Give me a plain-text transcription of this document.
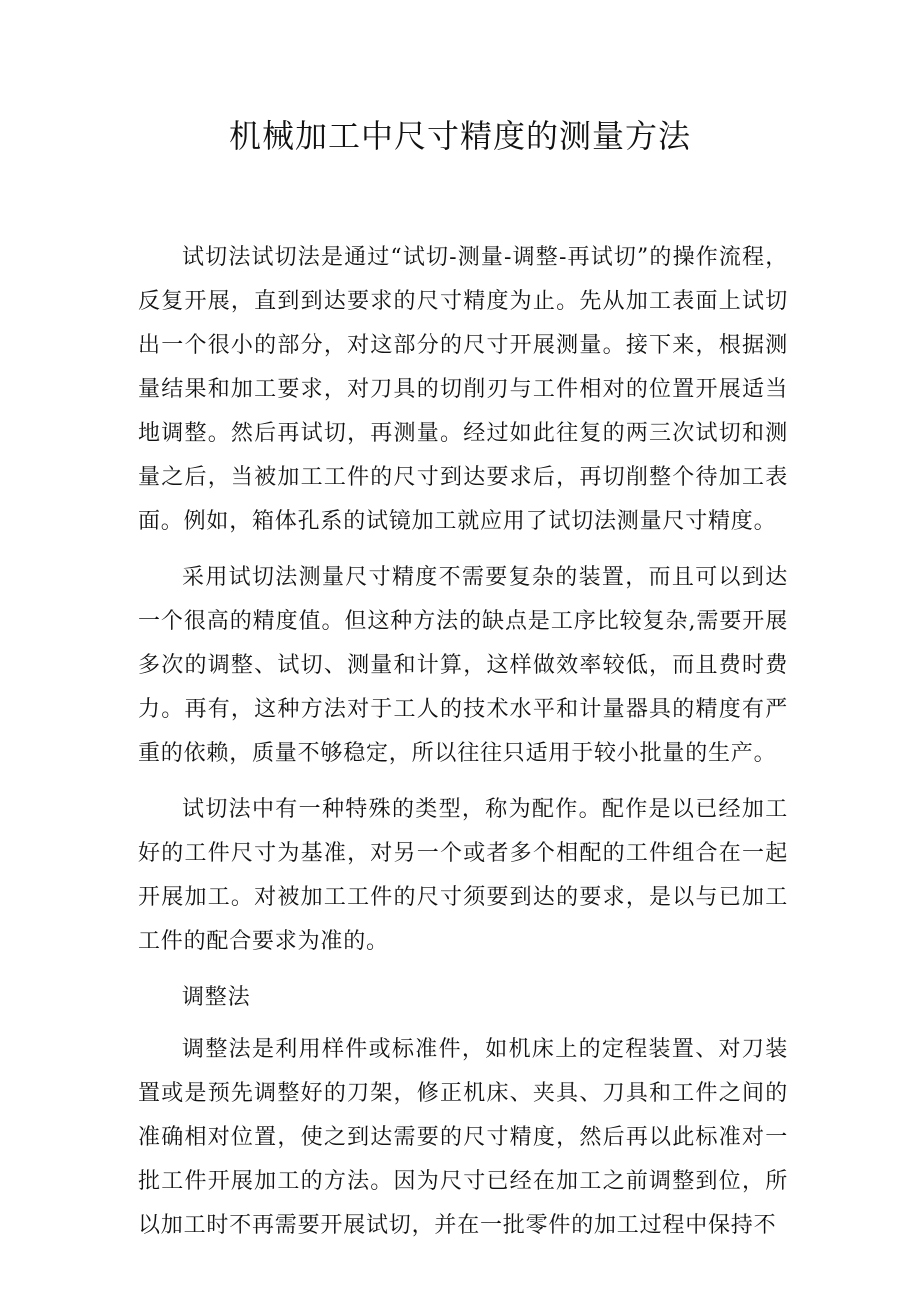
机械加工中尺寸精度的测量方法

试切法试切法是通过“试切-测量-调整-再试切”的操作流程，反复开展，直到到达要求的尺寸精度为止。先从加工表面上试切出一个很小的部分，对这部分的尺寸开展测量。接下来，根据测量结果和加工要求，对刀具的切削刃与工件相对的位置开展适当地调整。然后再试切，再测量。经过如此往复的两三次试切和测量之后，当被加工工件的尺寸到达要求后，再切削整个待加工表面。例如，箱体孔系的试镜加工就应用了试切法测量尺寸精度。

采用试切法测量尺寸精度不需要复杂的装置，而且可以到达一个很高的精度值。但这种方法的缺点是工序比较复杂,需要开展多次的调整、试切、测量和计算，这样做效率较低，而且费时费力。再有，这种方法对于工人的技术水平和计量器具的精度有严重的依赖，质量不够稳定，所以往往只适用于较小批量的生产。

试切法中有一种特殊的类型，称为配作。配作是以已经加工好的工件尺寸为基准，对另一个或者多个相配的工件组合在一起开展加工。对被加工工件的尺寸须要到达的要求，是以与已加工工件的配合要求为准的。

调整法

调整法是利用样件或标准件，如机床上的定程装置、对刀装置或是预先调整好的刀架，修正机床、夹具、刀具和工件之间的准确相对位置，使之到达需要的尺寸精度，然后再以此标准对一批工件开展加工的方法。因为尺寸已经在加工之前调整到位，所以加工时不再需要开展试切，并在一批零件的加工过程中保持不
